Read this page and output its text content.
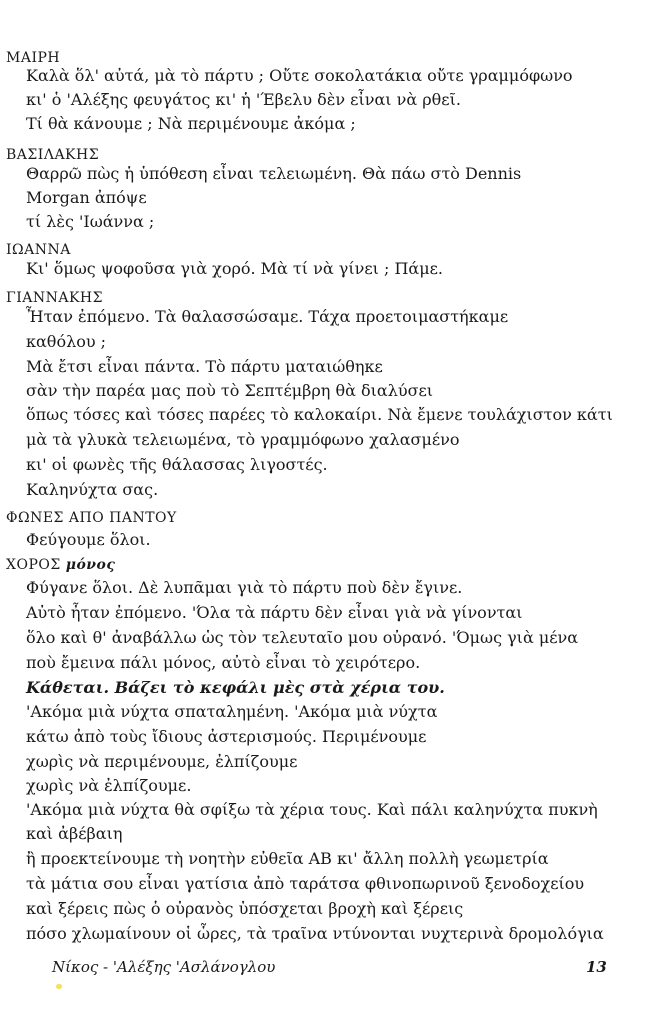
ΜΑΙΡΗ
Καλὰ ὅλ' αὐτά, μὰ τὸ πάρτυ ; Οὔτε σοκολατάκια οὔτε γραμμόφωνο
κι' ὁ 'Αλέξης φευγάτος κι' ἡ 'Έβελυ δὲν εἶναι νὰ ρθεῖ.
Τί θὰ κάνουμε ; Νὰ περιμένουμε ἀκόμα ;
ΒΑΣΙΛΑΚΗΣ
Θαρρῶ πὼς ἡ ὑπόθεση εἶναι τελειωμένη. Θὰ πάω στὸ Dennis
Morgan ἀπόψε
τί λὲς 'Ιωάννα ;
ΙΩΑΝΝΑ
Κι' ὅμως ψοφοῦσα γιὰ χορό. Μὰ τί νὰ γίνει ; Πάμε.
ΓΙΑΝΝΑΚΗΣ
Ἦταν ἐπόμενο. Τὰ θαλασσώσαμε. Τάχα προετοιμαστήκαμε
καθόλου ;
Μὰ ἔτσι εἶναι πάντα. Τὸ πάρτυ ματαιώθηκε
σὰν τὴν παρέα μας ποὺ τὸ Σεπτέμβρη θὰ διαλύσει
ὅπως τόσες καὶ τόσες παρέες τὸ καλοκαίρι. Νὰ ἔμενε τουλάχιστον κάτι
μὰ τὰ γλυκὰ τελειωμένα, τὸ γραμμόφωνο χαλασμένο
κι' οἱ φωνὲς τῆς θάλασσας λιγοστές.
Καληνύχτα σας.
ΦΩΝΕΣ ΑΠΟ ΠΑΝΤΟΥ
Φεύγουμε ὅλοι.
ΧΟΡΟΣ μόνος
Φύγανε ὅλοι. Δὲ λυπᾶμαι γιὰ τὸ πάρτυ ποὺ δὲν ἔγινε.
Αὐτὸ ἦταν ἐπόμενο. 'Όλα τὰ πάρτυ δὲν εἶναι γιὰ νὰ γίνονται
ὅλο καὶ θ' ἀναβάλλω ὡς τὸν τελευταῖο μου οὐρανό. 'Όμως γιὰ μένα
ποὺ ἔμεινα πάλι μόνος, αὐτὸ εἶναι τὸ χειρότερο.
Κάθεται. Βάζει τὸ κεφάλι μὲς στὰ χέρια του.
'Ακόμα μιὰ νύχτα σπαταλημένη. 'Ακόμα μιὰ νύχτα
κάτω ἀπὸ τοὺς ἴδιους ἀστερισμούς. Περιμένουμε
χωρὶς νὰ περιμένουμε, ἐλπίζουμε
χωρὶς νὰ ἐλπίζουμε.
'Ακόμα μιὰ νύχτα θὰ σφίξω τὰ χέρια τους. Καὶ πάλι καληνύχτα πυκνὴ
καὶ ἀβέβαιη
ἢ προεκτείνουμε τὴ νοητὴν εὐθεῖα ΑΒ κι' ἄλλη πολλὴ γεωμετρία
τὰ μάτια σου εἶναι γατίσια ἀπὸ ταράτσα φθινοπωρινοῦ ξενοδοχείου
καὶ ξέρεις πὼς ὁ οὐρανὸς ὑπόσχεται βροχὴ καὶ ξέρεις
πόσο χλωμαίνουν οἱ ὧρες, τὰ τραῖνα ντύνονται νυχτερινὰ δρομολόγια
Νίκος - 'Αλέξης 'Ασλάνογλου	13
